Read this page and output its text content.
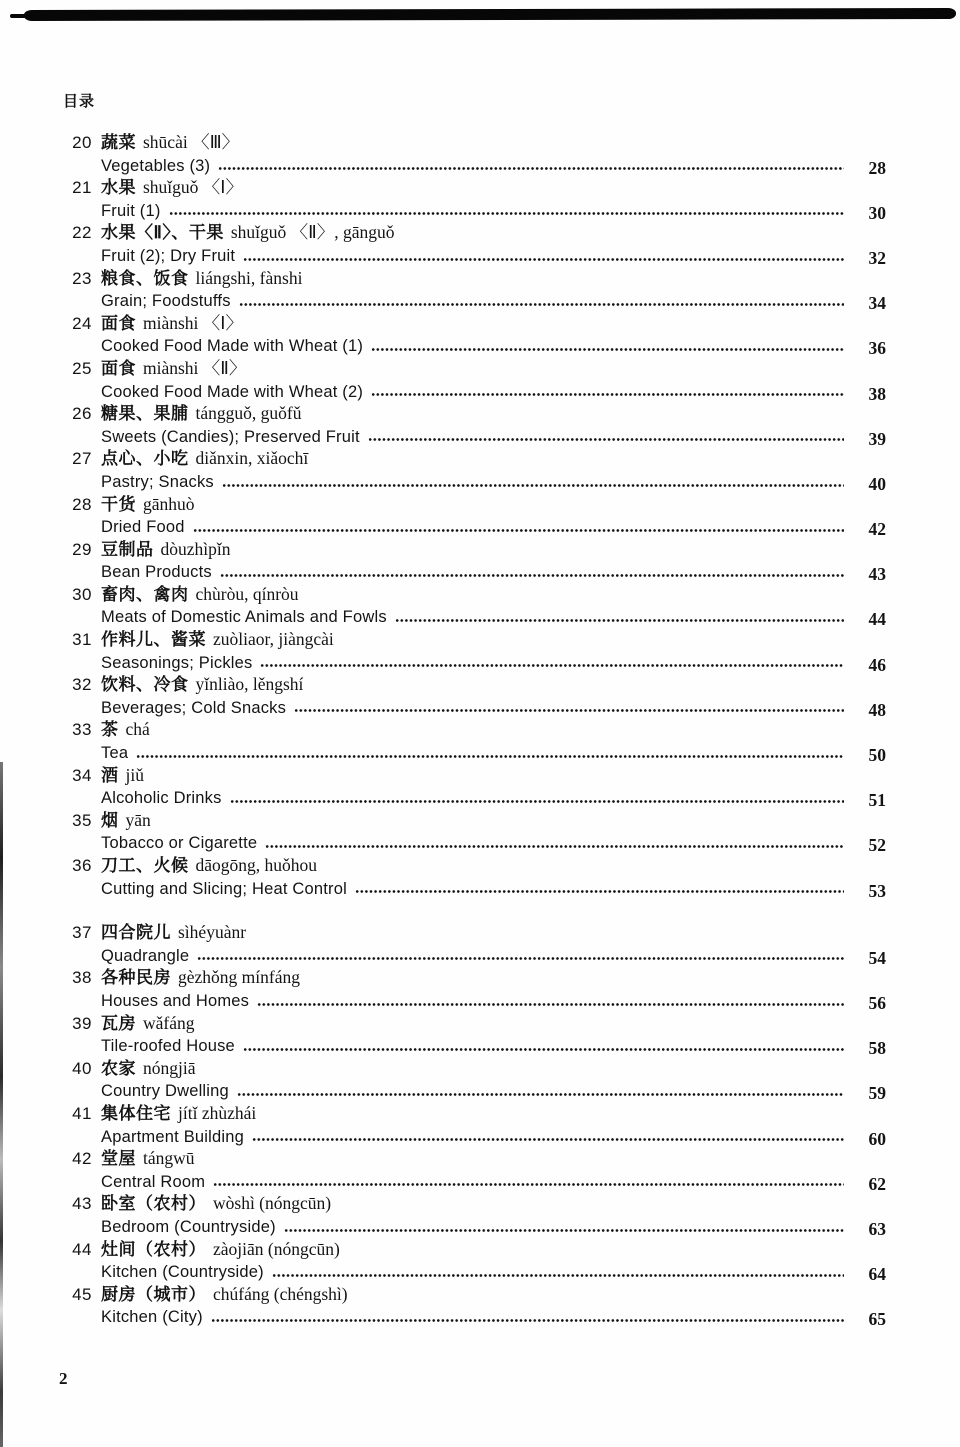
目录
20 蔬菜 shūcài 〈Ⅲ〉
Vegetables (3)	28
21 水果 shuǐguǒ 〈Ⅰ〉
Fruit (1)	30
22 水果〈Ⅱ〉、干果 shuǐguǒ 〈Ⅱ〉, gānguǒ
Fruit (2); Dry Fruit	32
23 粮食、饭食 liángshi, fànshi
Grain; Foodstuffs	34
24 面食 miànshi 〈Ⅰ〉
Cooked Food Made with Wheat (1)	36
25 面食 miànshi 〈Ⅱ〉
Cooked Food Made with Wheat (2)	38
26 糖果、果脯 tángguǒ, guǒfǔ
Sweets (Candies); Preserved Fruit	39
27 点心、小吃 diǎnxin, xiǎochī
Pastry; Snacks	40
28 干货 gānhuò
Dried Food	42
29 豆制品 dòuzhìpǐn
Bean Products	43
30 畜肉、禽肉 chùròu, qínròu
Meats of Domestic Animals and Fowls	44
31 作料儿、酱菜 zuòliaor, jiàngcài
Seasonings; Pickles	46
32 饮料、冷食 yǐnliào, lěngshí
Beverages; Cold Snacks	48
33 茶 chá
Tea	50
34 酒 jiǔ
Alcoholic Drinks	51
35 烟 yān
Tobacco or Cigarette	52
36 刀工、火候 dāogōng, huǒhou
Cutting and Slicing; Heat Control	53
37 四合院儿 sìhéyuànr
Quadrangle	54
38 各种民房 gèzhǒng mínfáng
Houses and Homes	56
39 瓦房 wǎfáng
Tile-roofed House	58
40 农家 nóngjiā
Country Dwelling	59
41 集体住宅 jítǐ zhùzhái
Apartment Building	60
42 堂屋 tángwū
Central Room	62
43 卧室（农村） wòshì (nóngcūn)
Bedroom (Countryside)	63
44 灶间（农村） zàojiān (nóngcūn)
Kitchen (Countryside)	64
45 厨房（城市） chúfáng (chéngshì)
Kitchen (City)	65
2
